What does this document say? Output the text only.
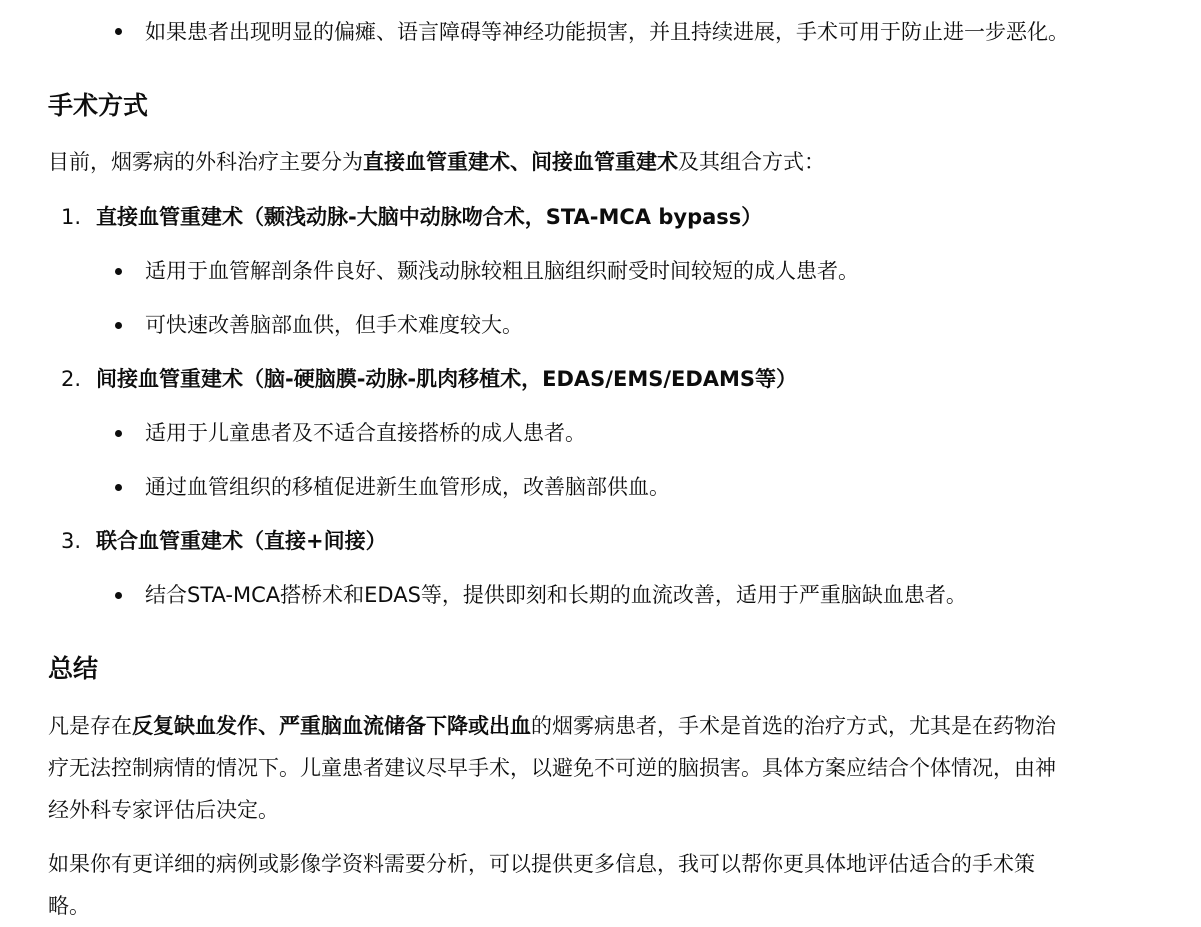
如果患者出现明显的偏瘫、语言障碍等神经功能损害，并且持续进展，手术可用于防止进一步恶化。
手术方式
目前，烟雾病的外科治疗主要分为直接血管重建术、间接血管重建术及其组合方式：
1. 直接血管重建术（颞浅动脉-大脑中动脉吻合术，STA-MCA bypass）
适用于血管解剖条件良好、颞浅动脉较粗且脑组织耐受时间较短的成人患者。
可快速改善脑部血供，但手术难度较大。
2. 间接血管重建术（脑-硬脑膜-动脉-肌肉移植术，EDAS/EMS/EDAMS等）
适用于儿童患者及不适合直接搭桥的成人患者。
通过血管组织的移植促进新生血管形成，改善脑部供血。
3. 联合血管重建术（直接+间接）
结合STA-MCA搭桥术和EDAS等，提供即刻和长期的血流改善，适用于严重脑缺血患者。
总结
凡是存在反复缺血发作、严重脑血流储备下降或出血的烟雾病患者，手术是首选的治疗方式，尤其是在药物治
疗无法控制病情的情况下。儿童患者建议尽早手术，以避免不可逆的脑损害。具体方案应结合个体情况，由神
经外科专家评估后决定。
如果你有更详细的病例或影像学资料需要分析，可以提供更多信息，我可以帮你更具体地评估适合的手术策
略。
